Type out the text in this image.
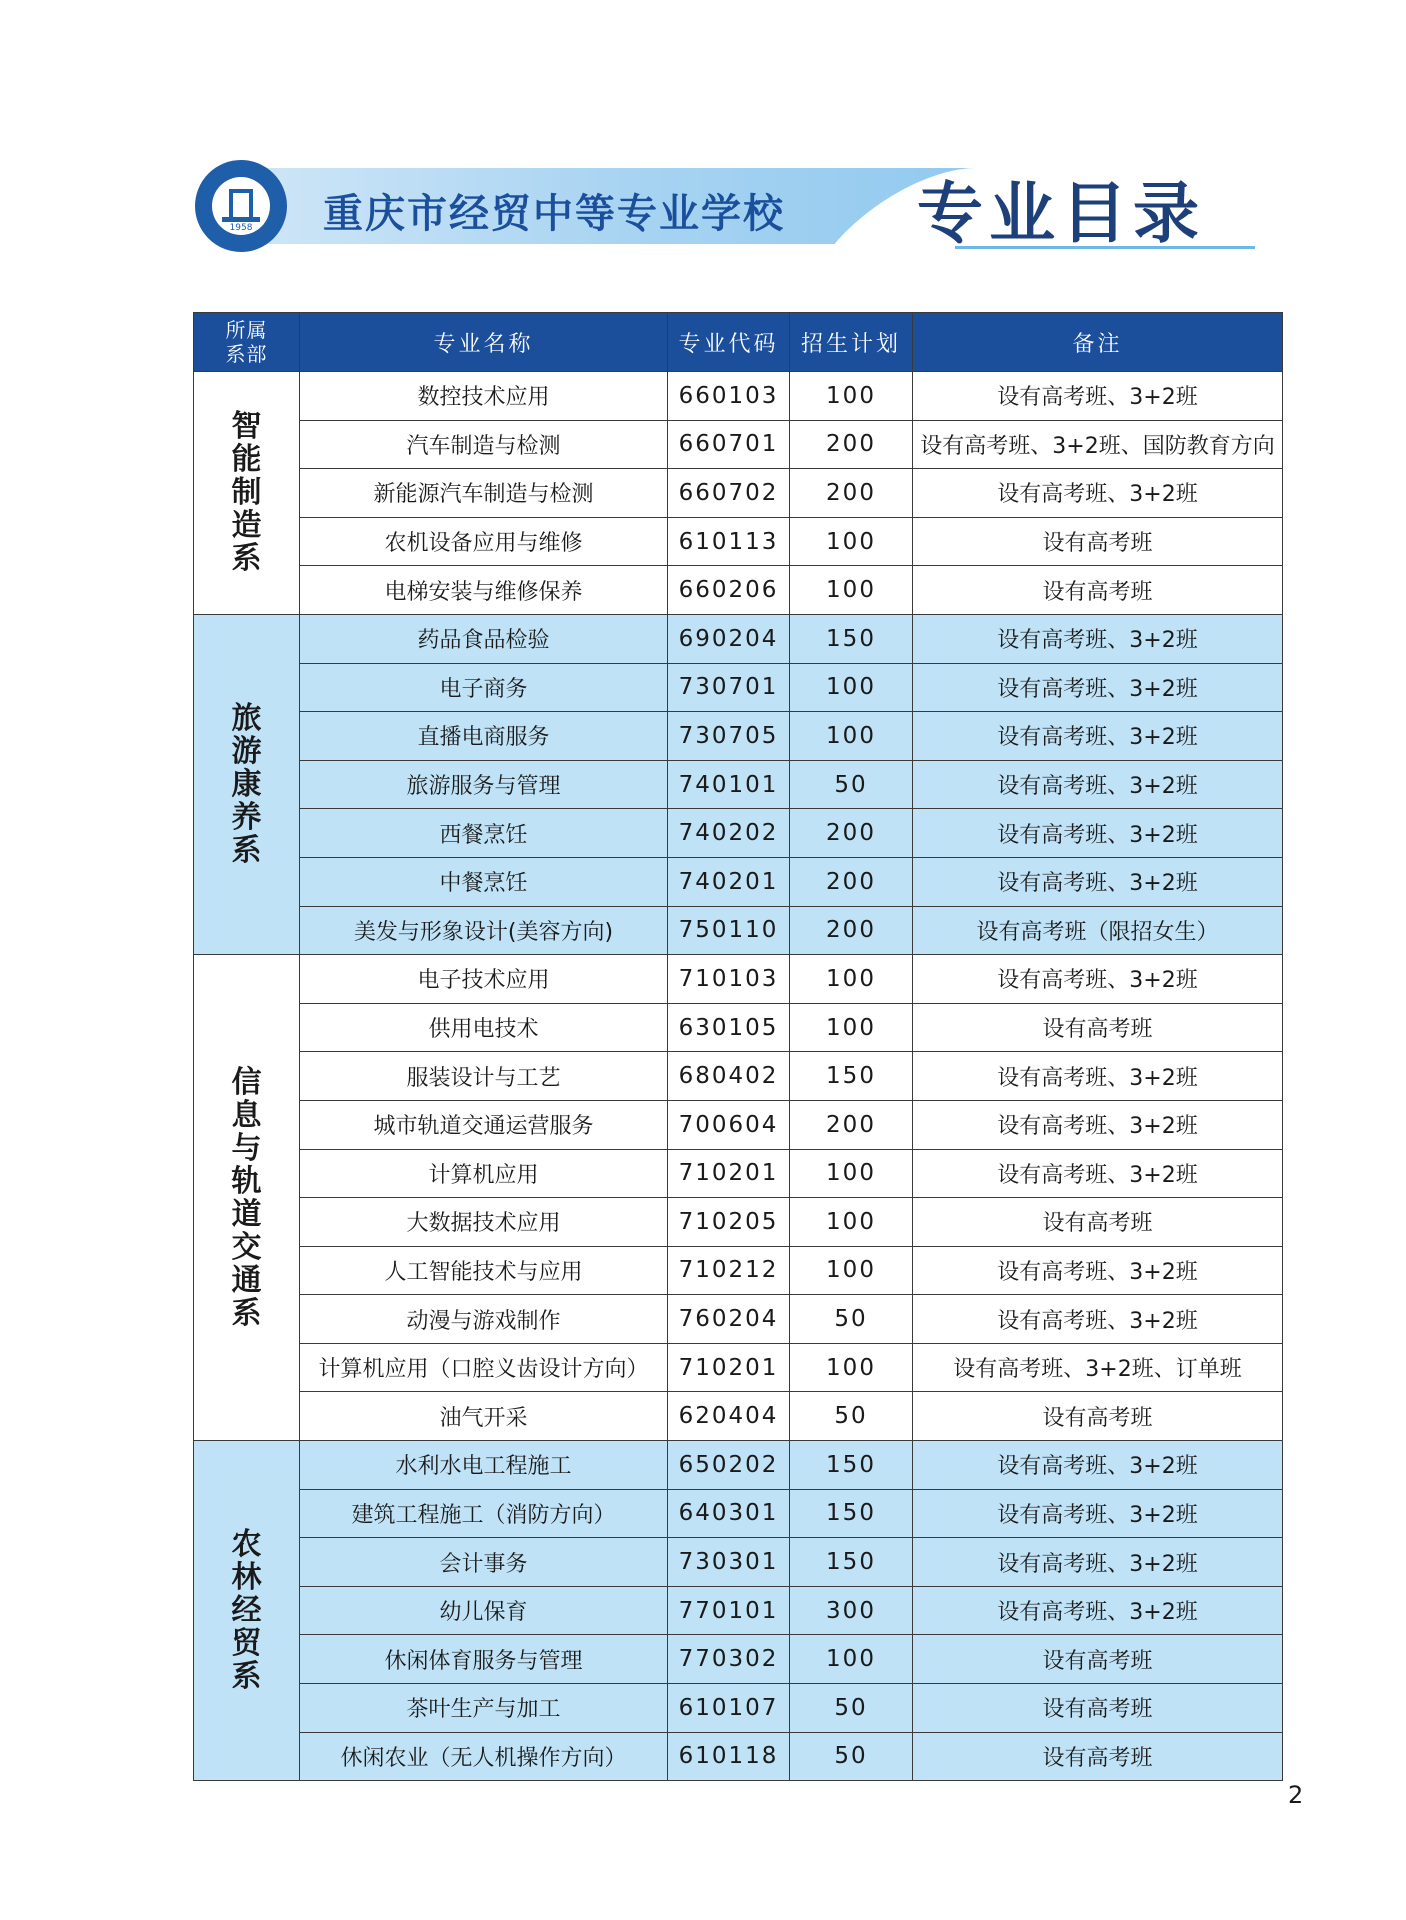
1958	重庆市经贸中等专业学校 专业目录
所属
系部	专业名称	专业代码	招生计划	备注
智能制造系	数控技术应用	660103	100	设有高考班、3+2班
	汽车制造与检测	660701	200	设有高考班、3+2班、国防教育方向
	新能源汽车制造与检测	660702	200	设有高考班、3+2班
	农机设备应用与维修	610113	100	设有高考班
	电梯安装与维修保养	660206	100	设有高考班
旅游康养系	药品食品检验	690204	150	设有高考班、3+2班
	电子商务	730701	100	设有高考班、3+2班
	直播电商服务	730705	100	设有高考班、3+2班
	旅游服务与管理	740101	50	设有高考班、3+2班
	西餐烹饪	740202	200	设有高考班、3+2班
	中餐烹饪	740201	200	设有高考班、3+2班
	美发与形象设计(美容方向)	750110	200	设有高考班（限招女生）
信息与轨道交通系	电子技术应用	710103	100	设有高考班、3+2班
	供用电技术	630105	100	设有高考班
	服装设计与工艺	680402	150	设有高考班、3+2班
	城市轨道交通运营服务	700604	200	设有高考班、3+2班
	计算机应用	710201	100	设有高考班、3+2班
	大数据技术应用	710205	100	设有高考班
	人工智能技术与应用	710212	100	设有高考班、3+2班
	动漫与游戏制作	760204	50	设有高考班、3+2班
	计算机应用（口腔义齿设计方向）	710201	100	设有高考班、3+2班、订单班
	油气开采	620404	50	设有高考班
农林经贸系	水利水电工程施工	650202	150	设有高考班、3+2班
	建筑工程施工（消防方向）	640301	150	设有高考班、3+2班
	会计事务	730301	150	设有高考班、3+2班
	幼儿保育	770101	300	设有高考班、3+2班
	休闲体育服务与管理	770302	100	设有高考班
	茶叶生产与加工	610107	50	设有高考班
	休闲农业（无人机操作方向）	610118	50	设有高考班
2
